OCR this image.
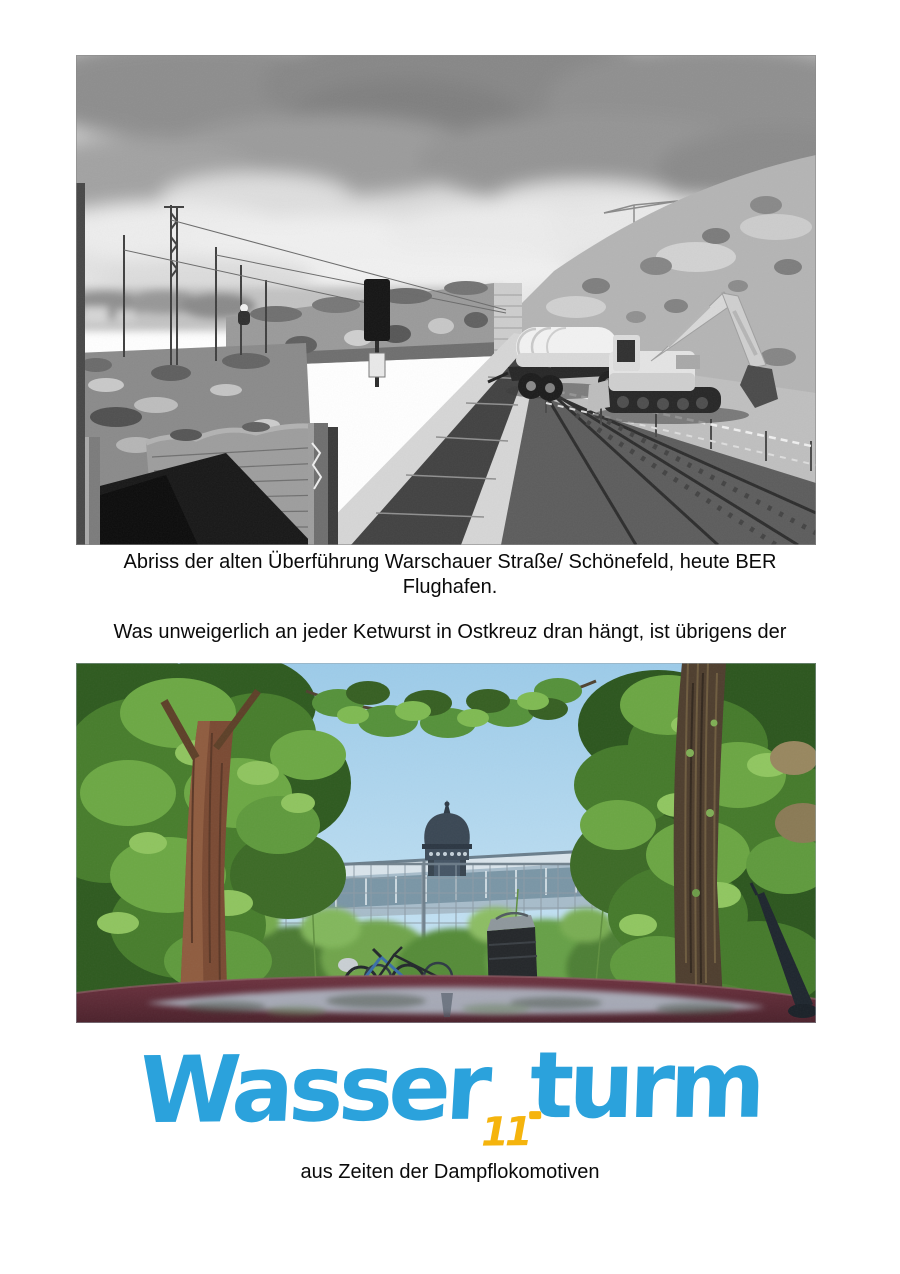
Abriss der alten Überführung Warschauer Straße/ Schönefeld, heute BER
Flughafen.

Was unweigerlich an jeder Ketwurst in Ostkreuz dran hängt, ist übrigens der

Wasser11
turm
aus Zeiten der Dampflokomotiven
